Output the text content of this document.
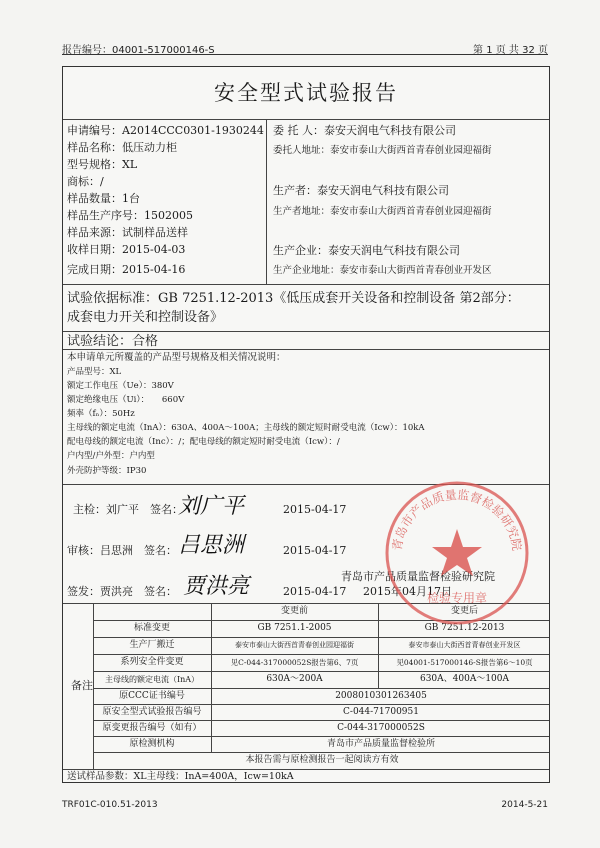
报告编号：04001-517000146-S	第 1 页 共 32 页
安全型式试验报告
申请编号：A2014CCC0301-1930244
样品名称：低压动力柜
型号规格：XL
商标：/
样品数量：1台
样品生产序号：1502005
样品来源：试制样品送样
收样日期：2015-04-03
完成日期：2015-04-16
委 托 人：泰安天润电气科技有限公司
委托人地址：泰安市泰山大街西首青春创业园迎福街
生产者：泰安天润电气科技有限公司
生产者地址：泰安市泰山大街西首青春创业园迎福街
生产企业：泰安天润电气科技有限公司
生产企业地址：泰安市泰山大街西首青春创业开发区
试验依据标准：GB 7251.12-2013《低压成套开关设备和控制设备 第2部分：
成套电力开关和控制设备》
试验结论：合格
本申请单元所覆盖的产品型号规格及相关情况说明：
产品型号：XL
额定工作电压（Ue）：380V
额定绝缘电压（Ui）：　　660V
频率（fₙ）：50Hz
主母线的额定电流（InA）：630A、400A～100A；主母线的额定短时耐受电流（Icw）：10kA
配电母线的额定电流（Inc）：/；配电母线的额定短时耐受电流（Icw）：/
户内型/户外型：户内型
外壳防护等级：IP30
主检：刘广平　签名：
刘广平	2015-04-17
审核：吕思洲　签名： 吕思洲	2015-04-17
签发：贾洪亮　签名： 贾洪亮	2015-04-17
青岛市产品质量监督检验研究院
2015年04月17日
备注
变更前	变更后
标准变更	GB 7251.1-2005	GB 7251.12-2013
生产厂搬迁	泰安市泰山大街西首青春创业园迎福街	泰安市泰山大街西首青春创业开发区
系列安全件变更	见C-044-317000052S报告第6、7页	见04001-517000146-S报告第6～10页
主母线的额定电流（InA）	630A～200A	630A、400A～100A
原CCC证书编号	2008010301263405
原安全型式试验报告编号	C-044-71700951
原变更报告编号（如有）	C-044-317000052S
原检测机构	青岛市产品质量监督检验所
本报告需与原检测报告一起阅读方有效
送试样品参数：XL主母线：InA=400A，Icw=10kA
青岛市产品质量监督检验研究院
检验专用章
TRF01C-010.51-2013	2014-5-21
